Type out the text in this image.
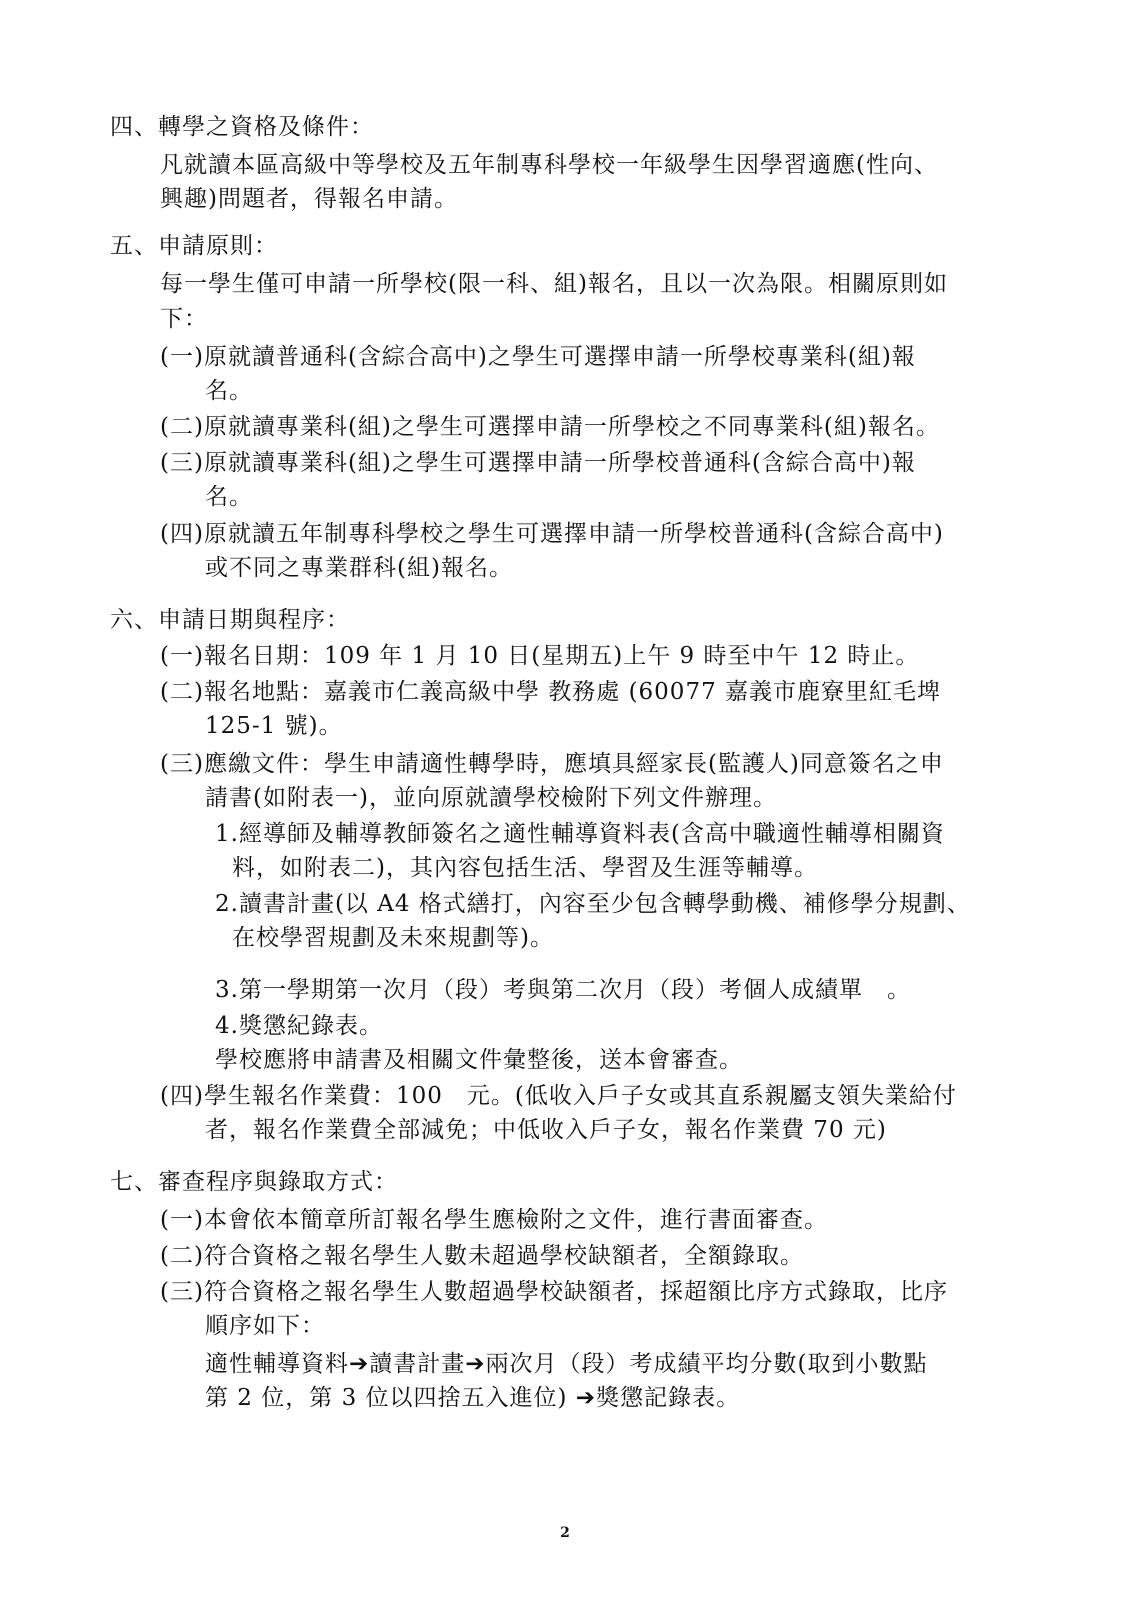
四、轉學之資格及條件：
凡就讀本區高級中等學校及五年制專科學校一年級學生因學習適應(性向、
興趣)問題者，得報名申請。
五、申請原則：
每一學生僅可申請一所學校(限一科、組)報名，且以一次為限。相關原則如
下：
(一)原就讀普通科(含綜合高中)之學生可選擇申請一所學校專業科(組)報
名。
(二)原就讀專業科(組)之學生可選擇申請一所學校之不同專業科(組)報名。
(三)原就讀專業科(組)之學生可選擇申請一所學校普通科(含綜合高中)報
名。
(四)原就讀五年制專科學校之學生可選擇申請一所學校普通科(含綜合高中)
或不同之專業群科(組)報名。
六、申請日期與程序：
(一)報名日期：109 年 1 月 10 日(星期五)上午 9 時至中午 12 時止。
(二)報名地點：嘉義市仁義高級中學 教務處 (60077 嘉義市鹿寮里紅毛埤
125-1 號)。
(三)應繳文件：學生申請適性轉學時，應填具經家長(監護人)同意簽名之申
請書(如附表一)，並向原就讀學校檢附下列文件辦理。
1.經導師及輔導教師簽名之適性輔導資料表(含高中職適性輔導相關資
料，如附表二)，其內容包括生活、學習及生涯等輔導。
2.讀書計畫(以 A4 格式繕打，內容至少包含轉學動機、補修學分規劃、
在校學習規劃及未來規劃等)。
3.第一學期第一次月（段）考與第二次月（段）考個人成績單　。
4.獎懲紀錄表。
學校應將申請書及相關文件彙整後，送本會審查。
(四)學生報名作業費：100　元。(低收入戶子女或其直系親屬支領失業給付
者，報名作業費全部減免；中低收入戶子女，報名作業費 70 元)
七、審查程序與錄取方式：
(一)本會依本簡章所訂報名學生應檢附之文件，進行書面審查。
(二)符合資格之報名學生人數未超過學校缺額者，全額錄取。
(三)符合資格之報名學生人數超過學校缺額者，採超額比序方式錄取，比序
順序如下：
適性輔導資料➔讀書計畫➔兩次月（段）考成績平均分數(取到小數點
第 2 位，第 3 位以四捨五入進位) ➔獎懲記錄表。
2
